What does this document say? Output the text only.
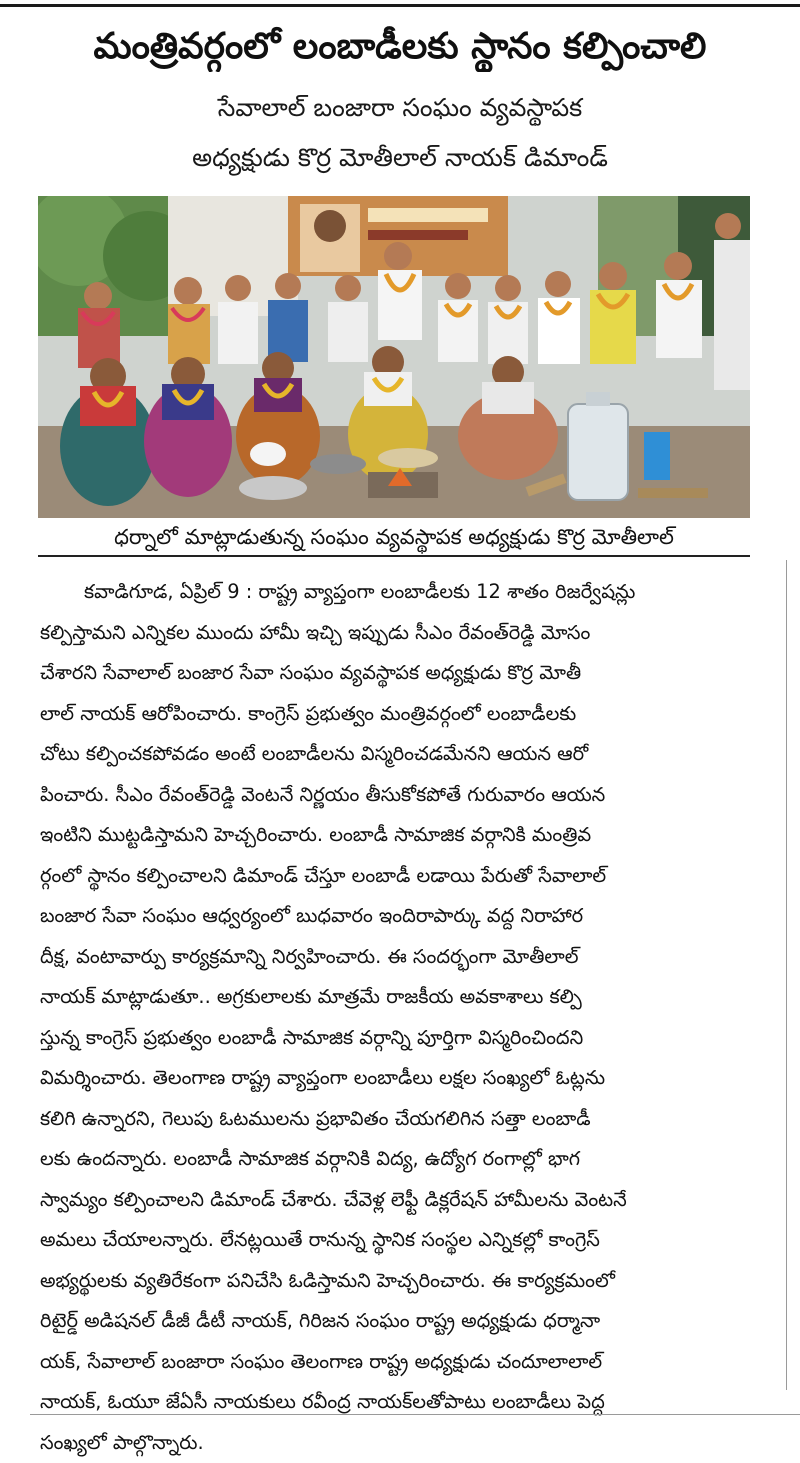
మంత్రివర్గంలో లంబాడీలకు స్థానం కల్పించాలి
సేవాలాల్ బంజారా సంఘం వ్యవస్థాపక
అధ్యక్షుడు కొర్ర మోతీలాల్ నాయక్ డిమాండ్
ధర్నాలో మాట్లాడుతున్న సంఘం వ్యవస్థాపక అధ్యక్షుడు కొర్ర మోతీలాల్
కవాడిగూడ, ఏప్రిల్ 9 : రాష్ట్ర వ్యాప్తంగా లంబాడీలకు 12 శాతం రిజర్వేషన్లు
కల్పిస్తామని ఎన్నికల ముందు హామీ ఇచ్చి ఇప్పుడు సీఎం రేవంత్‌రెడ్డి మోసం
చేశారని సేవాలాల్ బంజార సేవా సంఘం వ్యవస్థాపక అధ్యక్షుడు కొర్ర మోతీ
లాల్ నాయక్ ఆరోపించారు. కాంగ్రెస్ ప్రభుత్వం మంత్రివర్గంలో లంబాడీలకు
చోటు కల్పించకపోవడం అంటే లంబాడీలను విస్మరించడమేనని ఆయన ఆరో
పించారు. సీఎం రేవంత్‌రెడ్డి వెంటనే నిర్ణయం తీసుకోకపోతే గురువారం ఆయన
ఇంటిని ముట్టడిస్తామని హెచ్చరించారు. లంబాడీ సామాజిక వర్గానికి మంత్రివ
ర్గంలో స్థానం కల్పించాలని డిమాండ్ చేస్తూ లంబాడీ లడాయి పేరుతో సేవాలాల్
బంజార సేవా సంఘం ఆధ్వర్యంలో బుధవారం ఇందిరాపార్కు వద్ద నిరాహార
దీక్ష, వంటావార్పు కార్యక్రమాన్ని నిర్వహించారు. ఈ సందర్భంగా మోతీలాల్
నాయక్ మాట్లాడుతూ.. అగ్రకులాలకు మాత్రమే రాజకీయ అవకాశాలు కల్పి
స్తున్న కాంగ్రెస్ ప్రభుత్వం లంబాడీ సామాజిక వర్గాన్ని పూర్తిగా విస్మరించిందని
విమర్శించారు. తెలంగాణ రాష్ట్ర వ్యాప్తంగా లంబాడీలు లక్షల సంఖ్యలో ఓట్లను
కలిగి ఉన్నారని, గెలుపు ఓటములను ప్రభావితం చేయగలిగిన సత్తా లంబాడీ
లకు ఉందన్నారు. లంబాడీ సామాజిక వర్గానికి విద్య, ఉద్యోగ రంగాల్లో భాగ
స్వామ్యం కల్పించాలని డిమాండ్ చేశారు. చేవెళ్ల లెఫ్టీ డిక్లరేషన్ హామీలను వెంటనే
అమలు చేయాలన్నారు. లేనట్లయితే రానున్న స్థానిక సంస్థల ఎన్నికల్లో కాంగ్రెస్
అభ్యర్థులకు వ్యతిరేకంగా పనిచేసి ఓడిస్తామని హెచ్చరించారు. ఈ కార్యక్రమంలో
రిటైర్డ్ అడిషనల్ డీజీ డీటీ నాయక్, గిరిజన సంఘం రాష్ట్ర అధ్యక్షుడు ధర్మానా
యక్, సేవాలాల్ బంజారా సంఘం తెలంగాణ రాష్ట్ర అధ్యక్షుడు చందూలాలాల్
నాయక్, ఓయూ జేఏసీ నాయకులు రవీంద్ర నాయక్‌లతోపాటు లంబాడీలు పెద్ద
సంఖ్యలో పాల్గొన్నారు.
